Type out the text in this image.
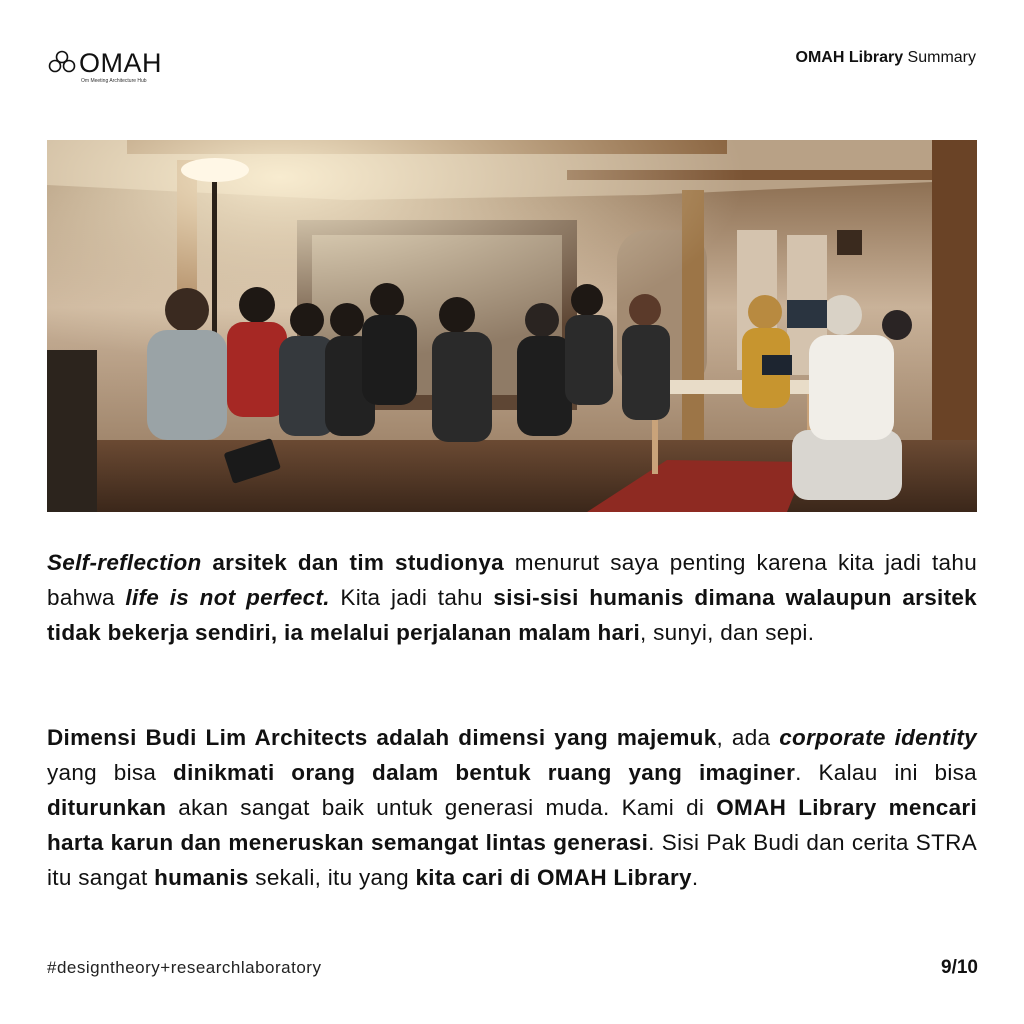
OMAH
Om Meeting Architecture Hub
OMAH Library Summary
Self-reflection arsitek dan tim studionya menurut saya penting karena kita jadi tahu bahwa life is not perfect. Kita jadi tahu sisi-sisi humanis dimana walaupun arsitek tidak bekerja sendiri, ia melalui perjalanan malam hari, sunyi, dan sepi.
Dimensi Budi Lim Architects adalah dimensi yang majemuk, ada corporate identity yang bisa dinikmati orang dalam bentuk ruang yang imaginer. Kalau ini bisa diturunkan akan sangat baik untuk generasi muda. Kami di OMAH Library mencari harta karun dan meneruskan semangat lintas generasi. Sisi Pak Budi dan cerita STRA itu sangat humanis sekali, itu yang kita cari di OMAH Library.
#designtheory+researchlaboratory	9/10
